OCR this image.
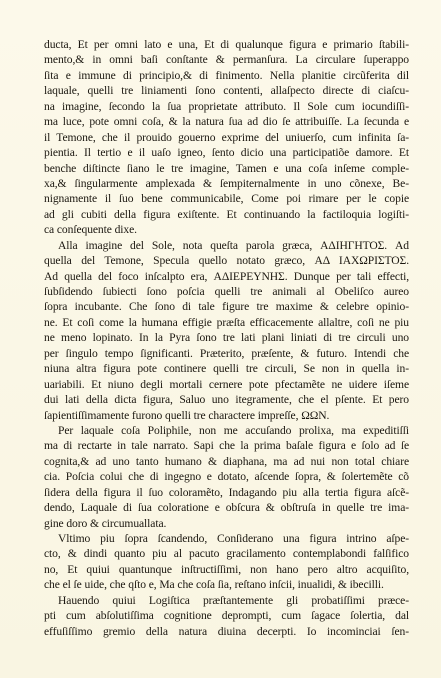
ducta, Et per omni lato e una, Et di qualunque figura e primario ſtabili-
mento,& in omni baſi conſtante & permanſura. La circulare ſuperappo
ſita e immune di principio,& di finimento. Nella planitie circũferita dil
laquale, quelli tre liniamenti ſono contenti, allaſpecto directe di ciaſcu-
na imagine, ſecondo la ſua proprietate attributo. Il Sole cum iocundiſſi-
ma luce, pote omni coſa, & la natura ſua ad dio ſe attribuiſſe. La ſecunda e
il Temone, che il prouido gouerno exprime del uniuerſo, cum infinita ſa-
pientia. Il tertio e il uaſo igneo, ſento dicio una participatiõe damore. Et
benche diſtincte ſiano le tre imagine, Tamen e una coſa inſeme comple-
xa,& ſingularmente amplexada & ſempiternalmente in uno cõnexe, Be-
nignamente il ſuo bene communicabile, Come poi rimare per le copie
ad gli cubiti della figura exiſtente. Et continuando la factiloquia logiſti-
ca conſequente dixe.
Alla imagine del Sole, nota queſta parola græca, ΑΔΙΗΓΗΤΟΣ. Ad
quella del Temone, Specula quello notato græco, ΑΔ ΙΑΧΩΡΙΣΤΟΣ.
Ad quella del foco inſcalpto era, ΑΔΙΕΡΕΥΝΗΣ. Dunque per tali effecti,
ſubſidendo ſubiecti ſono poſcia quelli tre animali al Obeliſco aureo
ſopra incubante. Che ſono di tale figure tre maxime & celebre opinio-
ne. Et coſi come la humana effigie præſta efficacemente allaltre, coſi ne piu
ne meno lopinato. In la Pyra ſono tre lati plani liniati di tre circuli uno
per ſingulo tempo ſignificanti. Præterito, præſente, & futuro. Intendi che
niuna altra figura pote continere quelli tre circuli, Se non in quella in-
uariabili. Et niuno degli mortali cernere pote pfectamẽte ne uidere iſeme
dui lati della dicta figura, Saluo uno itegramente, che el pſente. Et pero
ſapientiſſimamente furono quelli tre charactere impreſſe, ΩΩΝ.
Per laquale coſa Poliphile, non me accuſando prolixa, ma expeditiſſi
ma di rectarte in tale narrato. Sapi che la prima baſale figura e ſolo ad ſe
cognita,& ad uno tanto humano & diaphana, ma ad nui non total chiare
cia. Poſcia colui che di ingegno e dotato, aſcende ſopra, & ſolertemẽte cõ
ſidera della figura il ſuo coloramẽto, Indagando piu alla tertia figura aſcẽ-
dendo, Laquale di ſua coloratione e obſcura & obſtruſa in quelle tre ima-
gine doro & circumuallata.
Vltimo piu ſopra ſcandendo, Conſiderano una figura intrino aſpe-
cto, & dindi quanto piu al pacuto gracilamento contemplabondi falſifico
no, Et quiui quantunque inſtructiſſimi, non hano pero altro acquiſito,
che el ſe uide, che qſto e, Ma che coſa ſia, reſtano inſcii, inualidi, & ibecilli.
Hauendo quiui Logiſtica præſtantemente gli probatiſſimi præce-
pti cum abſolutiſſima cognitione deprompti, cum ſagace ſolertia, dal
effuſiſſimo gremio della natura diuina decerpti. Io incominciai ſen-
